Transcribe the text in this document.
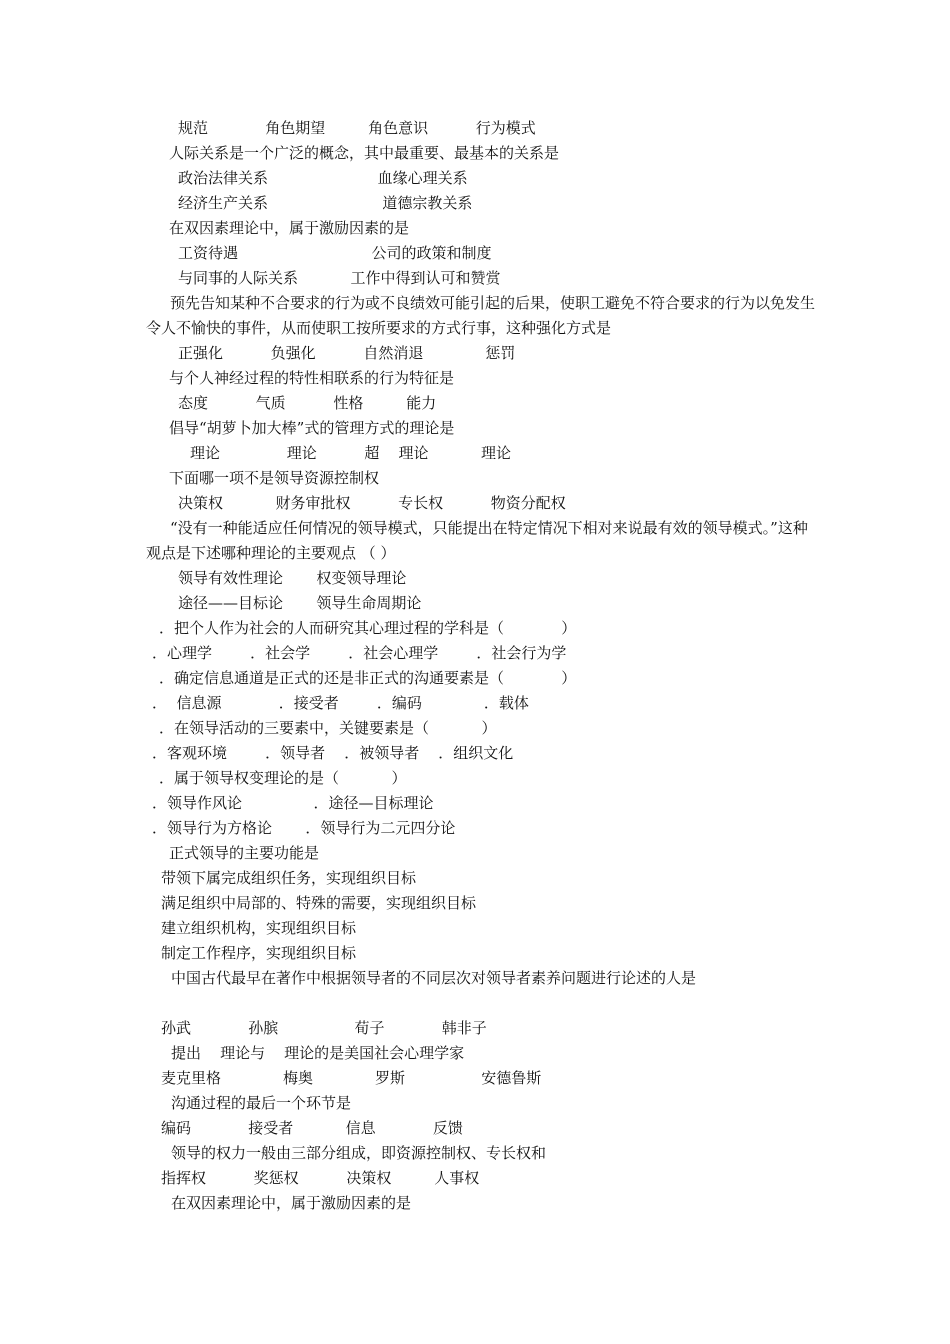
规范            角色期望         角色意识          行为模式
人际关系是一个广泛的概念，其中最重要、最基本的关系是
政治法律关系                       血缘心理关系
经济生产关系                        道德宗教关系
在双因素理论中，属于激励因素的是
工资待遇                            公司的政策和制度
与同事的人际关系           工作中得到认可和赞赏
预先告知某种不合要求的行为或不良绩效可能引起的后果，使职工避免不符合要求的行为以免发生令人不愉快的事件，从而使职工按所要求的方式行事，这种强化方式是
正强化          负强化          自然消退             惩罚
与个人神经过程的特性相联系的行为特征是
态度          气质          性格         能力
倡导“胡萝卜加大棒”式的管理方式的理论是
理论              理论          超    理论           理论
下面哪一项不是领导资源控制权
决策权           财务审批权          专长权          物资分配权
“没有一种能适应任何情况的领导模式，只能提出在特定情况下相对来说最有效的领导模式。”这种观点是下述哪种理论的主要观点 （ ）
领导有效性理论       权变领导理论
途径——目标论       领导生命周期论
．把个人作为社会的人而研究其心理过程的学科是（            ）
．心理学        ．社会学        ．社会心理学        ．社会行为学
．确定信息通道是正式的还是非正式的沟通要素是（            ）
．  信息源            ．接受者        ．编码             ．载体
．在领导活动的三要素中，关键要素是（           ）
．客观环境        ．领导者    ．被领导者    ．组织文化
．属于领导权变理论的是（           ）
．领导作风论               ．途径—目标理论
．领导行为方格论       ．领导行为二元四分论
正式领导的主要功能是
带领下属完成组织任务，实现组织目标
满足组织中局部的、特殊的需要，实现组织目标
建立组织机构，实现组织目标
制定工作程序，实现组织目标
中国古代最早在著作中根据领导者的不同层次对领导者素养问题进行论述的人是
孙武            孙膑                荀子            韩非子
提出    理论与    理论的是美国社会心理学家
麦克里格             梅奥             罗斯                安德鲁斯
沟通过程的最后一个环节是
编码            接受者           信息            反馈
领导的权力一般由三部分组成，即资源控制权、专长权和
指挥权          奖惩权          决策权         人事权
在双因素理论中，属于激励因素的是
